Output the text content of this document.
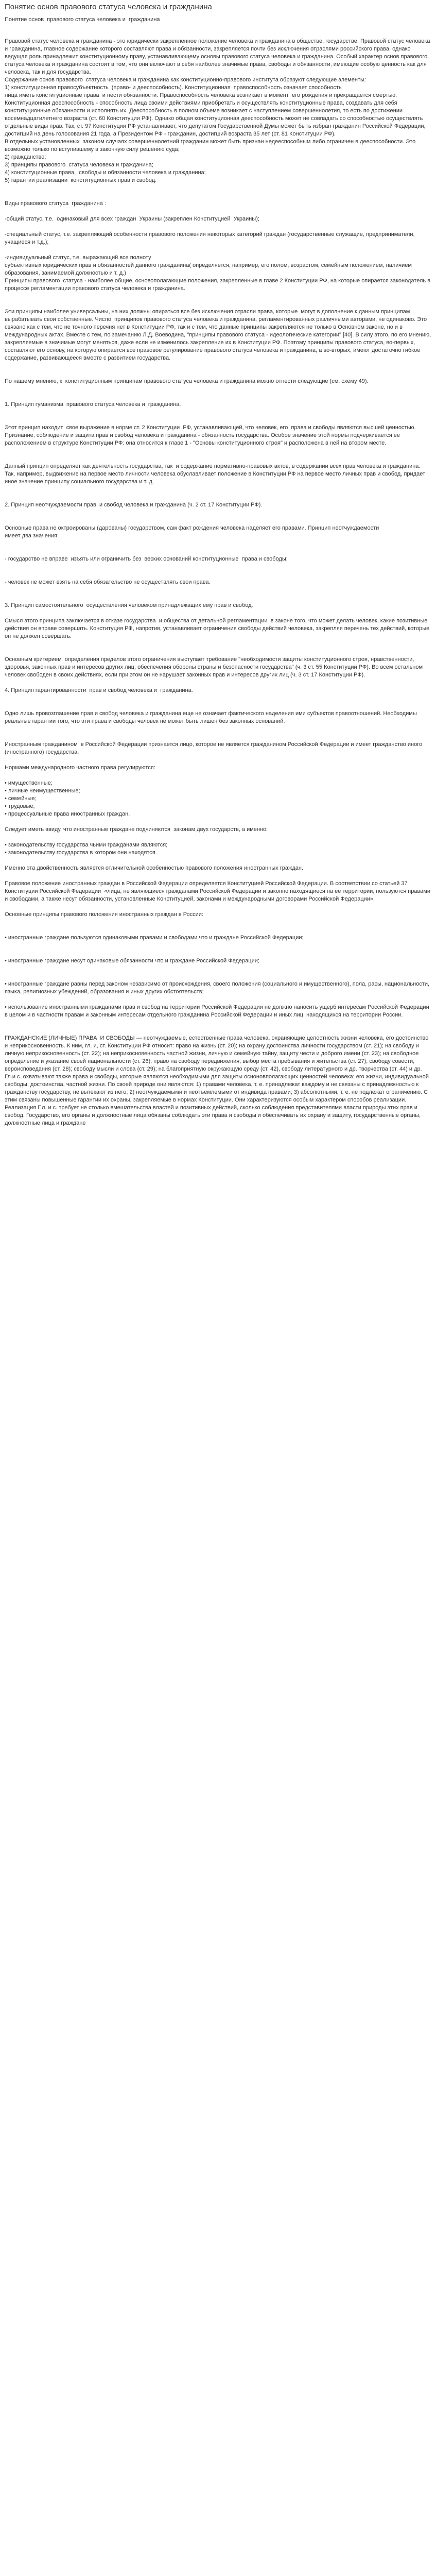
Понятие основ правового статуса человека и гражданина
Понятие основ  правового статуса человека и  гражданина
Правовой статус человека и гражданина - это юридически закрепленное положение человека и гражданина в обществе, государстве. Правовой статус человека и гражданина, главное содержание которого составляют права и обязанности, закрепляется почти без исключения отраслями российского права, однако ведущая роль принадлежит конституционному праву, устанавливающему основы правового статуса человека и гражданина. Особый характер основ правового статуса человека и гражданина состоит в том, что они включают в себя наиболее значимые права, свободы и обязанности, имеющие особую ценность как для человека, так и для государства.
Содержание основ правового  статуса человека и гражданина как конституционно-правового института образуют следующие элементы:
1) конституционная правосубъектность  (право- и дееспособность). Конституционная  правоспособность означает способность
лица иметь конституционные права  и нести обязанности. Правоспособность человека возникает в момент  его рождения и прекращается смертью. Конституционная дееспособность - способность лица своими действиями приобретать и осуществлять конституционные права, создавать для себя конституционные обязанности и исполнять их. Дееспособность в полном объеме возникает с наступлением совершеннолетия, то есть по достижении восемнадцатилетнего возраста (ст. 60 Конституции РФ). Однако общая конституционная дееспособность может не совпадать со способностью осуществлять отдельные виды прав. Так, ст. 97 Конституции РФ устанавливает, что депутатом Государственной Думы может быть избран гражданин Российской Федерации, достигший на день голосования 21 года, а Президентом РФ - гражданин, достигший возраста 35 лет (ст. 81 Конституции РФ).
В отдельных установленных  законом случаях совершеннолетний гражданин может быть признан недееспособным либо ограничен в дееспособности. Это возможно только по вступившему в законную силу решению суда;
2) гражданство;
3) принципы правового  статуса человека и гражданина;
4) конституционные права,  свободы и обязанности человека и гражданина;
5) гарантии реализации  конституционных прав и свобод.
Виды правового статуса  гражданина :
-общий статус, т.е.  одинаковый для всех граждан  Украины (закреплен Конституцией  Украины);
-специальный статус, т.е. закрепляющий особенности правового положения некоторых категорий граждан (государственные служащие, предприниматели, учащиеся и т.д.);
-индивидуальный статус, т.е. выражающий все полноту
субъективных юридических прав и обязанностей данного гражданина( определяется, например, его полом, возрастом, семейным положением, наличием образования, занимаемой должностью и т. д.)
Принципы правового  статуса - наиболее общие, основополагающие положения, закрепленные в главе 2 Конституции РФ, на которые опирается законодатель в процессе регламентации правового статуса человека и гражданина.
Эти принципы наиболее универсальны, на них должны опираться все без исключения отрасли права, которые  могут в дополнение к данным принципам вырабатывать свои собственные. Число  принципов правового статуса человека и гражданина, регламентированных различными авторами, не одинаково. Это связано как с тем, что не точного перечня нет в Конституции РФ, так и с тем, что данные принципы закрепляются не только в Основном законе, но и в международных актах. Вместе с тем, по замечанию Л.Д. Воеводина, "принципы правового статуса - идеологические категории" [40]. В силу этого, по его мнению, закрепляемые в значимые могут меняться, даже если не изменилось закрепление их в Конституции РФ. Поэтому принципы правового статуса, во-первых, составляют его основу, на которую опирается все правовое регулирование правового статуса человека и гражданина, а во-вторых, имеют достаточно гибкое содержание, развивающееся вместе с развитием государства.
По нашему мнению, к  конституционным принципам правового статуса человека и гражданина можно отнести следующие (см. схему 49).
1. Принцип гуманизма  правового статуса человека и  гражданина.
Этот принцип находит  свое выражение в норме ст. 2 Конституции  РФ, устанавливающей, что человек, его  права и свободы являются высшей ценностью. Признание, соблюдение и защита прав и свобод человека и гражданина - обязанность государства. Особое значение этой нормы подчеркивается ее расположением в структуре Конституции РФ: она относится к главе 1 - "Основы конституционного строя" и расположена в ней на втором месте.
Данный принцип определяет как деятельность государства, так  и содержание нормативно-правовых актов, в содержании всех прав человека и гражданина. Так, например, выдвижение на первое место личности человека обуславливает положение в Конституции РФ на первое место личных прав и свобод, придает иное значение принципу социального государства и т. д.
2. Принцип неотчуждаемости прав  и свобод человека и гражданина (ч. 2 ст. 17 Конституции РФ).
Основные права не октроированы (дарованы) государством, сам факт рождения человека наделяет его правами. Принцип неотчуждаемости
имеет два значения:
- государство не вправе  изъять или ограничить без  веских оснований конституционные  права и свободы;
- человек не может взять на себя обязательство не осуществлять свои права.
3. Принцип самостоятельного  осуществления человеком принадлежащих ему прав и свобод.
Смысл этого принципа заключается в отказе государства  и общества от детальной регламентации  в законе того, что может делать человек, какие позитивные действия он вправе совершать. Конституция РФ, напротив, устанавливает ограничения свободы действий человека, закрепляя перечень тех действий, которые он не должен совершать.
Основным критерием  определения пределов этого ограничения выступает требование "необходимости защиты конституционного строя, нравственности, здоровья, законных прав и интересов других лиц, обеспечения обороны страны и безопасности государства" (ч. 3 ст. 55 Конституции РФ). Во всем остальном человек свободен в своих действиях, если при этом он не нарушает законных прав и интересов других лиц (ч. 3 ст. 17 Конституции РФ).
4. Принцип гарантированности  прав и свобод человека и  гражданина.
Одно лишь провозглашение прав и свобод человека и гражданина еще не означает фактического наделения ими субъектов правоотношений. Необходимы реальные гарантии того, что эти права и свободы человек не может быть лишен без законных оснований.
Иностранным гражданином  в Российской Федерации признается лицо, которое не является гражданином Российской Федерации и имеет гражданство иного (иностранного) государства.
Нормами международного частного права регулируются:
• имущественные;
• личные неимущественные;
• семейные;
• трудовые;
• процессуальные права иностранных граждан.
Следует иметь ввиду, что иностранные граждане подчиняются  законам двух государств, а именно:
• законодательству государства чьими гражданами являются;
• законодательству государства в котором они находятся.
Именно эта двойственность является отличительной особенностью правового положения иностранных граждан.
Правовое положение иностранных граждан в Российской Федерации определяется Конституцией Российской Федерации. В соответствии со статьей 37 Конституции Российской Федерации  «лица, не являющиеся гражданами Российской Федерации и законно находящиеся на ее территории, пользуются правами и свободами, а также несут обязанности, установленные Конституцией, законами и международными договорами Российской Федерации».
Основные принципы правового положения иностранных граждан в России:
• иностранные граждане пользуются одинаковыми правами и свободами что и граждане Российской Федерации;
• иностранные граждане несут одинаковые обязанности что и граждане Российской Федерации;
• иностранные граждане равны перед законом независимо от происхождения, своего положения (социального и имущественного), пола, расы, национальности, языка, религиозных убеждений, образования и иных других обстоятельств;
• использование иностранными гражданами прав и свобод на территории Российской Федерации не должно наносить ущерб интересам Российской Федерации в целом и в частности правам и законным интересам отдельного гражданина Российской Федерации и иных лиц, находящихся на территории России.
ГРАЖДАНСКИЕ (ЛИЧНЫЕ) ПРАВА  И СВОБОДЫ — неотчуждаемые, естественные права человека, охраняющие целостность жизни человека, его достоинство и неприкосновенность. К ним, гл. и, ст. Конституции РФ относит: право на жизнь (ст. 20); на охрану достоинства личности государством (ст. 21); на свободу и личную неприкосновенность (ст. 22); на неприкосновенность частной жизни, личную и семейную тайну, защиту чести и доброго имени (ст. 23); на свободное определение и указание своей национальности (ст. 26); право на свободу передвижения, выбор места пребывания и жительства (ст. 27); свободу совести, вероисповедания (ст. 28); свободу мысли и слова (ст. 29); на благоприятную окружающую среду (ст. 42), свободу литературного и др. творчества (ст. 44) и др. Гл.и с. охватывают также права и свободы, которые являются необходимыми для защиты осноновполагающих ценностей человека: его жизни, индивидуальной свободы, достоинства, частной жизни. По своей природе они являются: 1) правами человека, т. е. принадлежат каждому и не связаны с принадлежностью к гражданству государству, не вытекают из него; 2) неотчуждаемыми и неотъемлемыми от индивида правами; 3) абсолютными, т. е. не подлежат ограничению. С этим связаны повышенные гарантии их охраны, закрепляемые в нормах Конституции. Они характеризуются особым характером способов реализации. Реализация Г.л. и с. требует не столько вмешательства властей и позитивных действий, сколько соблюдения представителями власти природы этих прав и свобод. Государство, его органы и должностные лица обязаны соблюдать эти права и свободы и обеспечивать их охрану и защиту, государственные органы, должностные лица и граждане
